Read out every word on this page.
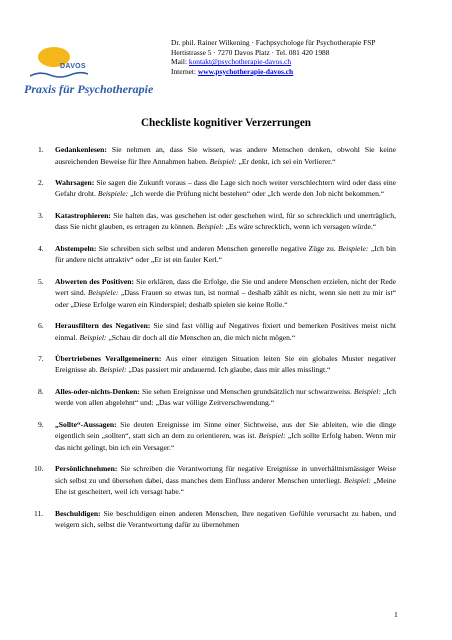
DAVOS
Praxis für Psychotherapie
Dr. phil. Rainer Wilkening · Fachpsychologe für Psychotherapie FSP
Hertistrasse 5 · 7270 Davos Platz · Tel. 081 420 1988
Mail: kontakt@psychotherapie-davos.ch
Internet: www.psychotherapie-davos.ch
Checkliste kognitiver Verzerrungen
1. Gedankenlesen: Sie nehmen an, dass Sie wissen, was andere Menschen denken, obwohl Sie keine ausreichenden Beweise für Ihre Annahmen haben. Beispiel: „Er denkt, ich sei ein Verlierer.“
2. Wahrsagen: Sie sagen die Zukunft voraus – dass die Lage sich noch weiter verschlechtern wird oder dass eine Gefahr droht. Beispiele: „Ich werde die Prüfung nicht bestehen“ oder „Ich werde den Job nicht bekommen.“
3. Katastrophieren: Sie halten das, was geschehen ist oder geschehen wird, für so schrecklich und unerträglich, dass Sie nicht glauben, es ertragen zu können. Beispiel: „Es wäre schrecklich, wenn ich versagen würde.“
4. Abstempeln: Sie schreiben sich selbst und anderen Menschen generelle negative Züge zu. Beispiele: „Ich bin für andere nicht attraktiv“ oder „Er ist ein fauler Kerl.“
5. Abwerten des Positiven: Sie erklären, dass die Erfolge, die Sie und andere Menschen erzielen, nicht der Rede wert sind. Beispiele: „Dass Frauen so etwas tun, ist normal – deshalb zählt es nicht, wenn sie nett zu mir ist“ oder „Diese Erfolge waren ein Kinderspiel; deshalb spielen sie keine Rolle.“
6. Herausfiltern des Negativen: Sie sind fast völlig auf Negatives fixiert und bemerken Positives meist nicht einmal. Beispiel: „Schau dir doch all die Menschen an, die mich nicht mögen.“
7. Übertriebenes Verallgemeinern: Aus einer einzigen Situation leiten Sie ein globales Muster negativer Ereignisse ab. Beispiel: „Das passiert mir andauernd. Ich glaube, dass mir alles misslingt.“
8. Alles-oder-nichts-Denken: Sie sehen Ereignisse und Menschen grundsätzlich nur schwarzweiss. Beispiel: „Ich werde von allen abgelehnt“ und: „Das war völlige Zeitverschwendung.“
9. „Sollte“-Aussagen: Sie deuten Ereignisse im Sinne einer Sichtweise, aus der Sie ableiten, wie die dinge eigentlich sein „sollten“, statt sich an dem zu orientieren, was ist. Beispiel: „Ich sollte Erfolg haben. Wenn mir das nicht gelingt, bin ich ein Versager.“
10. Persönlichnehmen: Sie schreiben die Verantwortung für negative Ereignisse in unverhältnismässiger Weise sich selbst zu und übersehen dabei, dass manches dem Einfluss anderer Menschen unterliegt. Beispiel: „Meine Ehe ist gescheitert, weil ich versagt habe.“
11. Beschuldigen: Sie beschuldigen einen anderen Menschen, Ihre negativen Gefühle verursacht zu haben, und weigern sich, selbst die Verantwortung dafür zu übernehmen
1
